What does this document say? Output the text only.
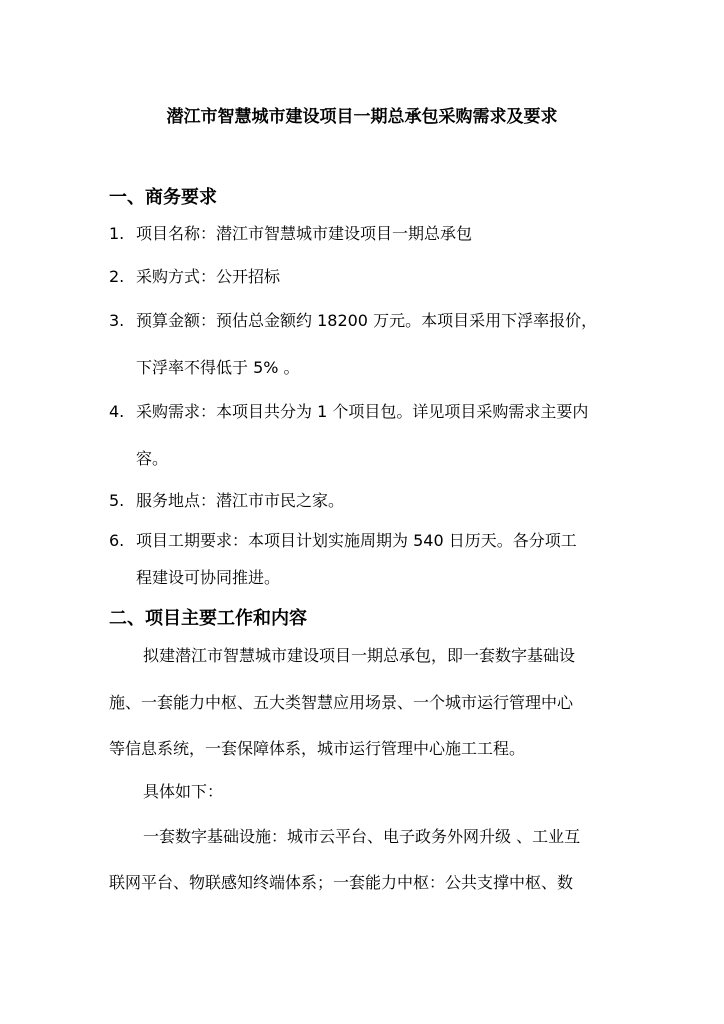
潜江市智慧城市建设项目一期总承包采购需求及要求
一、商务要求
1. 项目名称：潜江市智慧城市建设项目一期总承包
2. 采购方式：公开招标
3. 预算金额：预估总金额约 18200 万元。本项目采用下浮率报价，
下浮率不得低于 5% 。
4. 采购需求：本项目共分为 1 个项目包。详见项目采购需求主要内
容。
5. 服务地点：潜江市市民之家。
6. 项目工期要求：本项目计划实施周期为 540 日历天。各分项工
程建设可协同推进。
二、项目主要工作和内容
拟建潜江市智慧城市建设项目一期总承包，即一套数字基础设
施、一套能力中枢、五大类智慧应用场景、一个城市运行管理中心
等信息系统，一套保障体系，城市运行管理中心施工工程。
具体如下：
一套数字基础设施：城市云平台、电子政务外网升级 、工业互
联网平台、物联感知终端体系；一套能力中枢：公共支撑中枢、数
